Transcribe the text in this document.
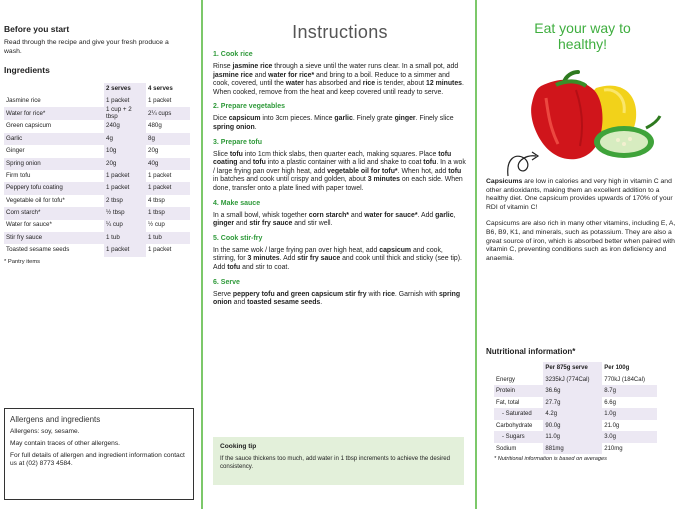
Before you start
Read through the recipe and give your fresh produce a wash.
Ingredients
	2 serves	4 serves
Jasmine rice	1 packet	1 packet
Water for rice*	1 cup + 2 tbsp	2¼ cups
Green capsicum	240g	480g
Garlic	4g	8g
Ginger	10g	20g
Spring onion	20g	40g
Firm tofu	1 packet	1 packet
Peppery tofu coating	1 packet	1 packet
Vegetable oil for tofu*	2 tbsp	4 tbsp
Corn starch*	½ tbsp	1 tbsp
Water for sauce*	¼ cup	½ cup
Stir fry sauce	1 tub	1 tub
Toasted sesame seeds	1 packet	1 packet
* Pantry items
Allergens and ingredients

Allergens: soy, sesame.

May contain traces of other allergens.

For full details of allergen and ingredient information contact us at (02) 8773 4584.

Instructions
1. Cook rice
Rinse jasmine rice through a sieve until the water runs clear. In a small pot, add jasmine rice and water for rice* and bring to a boil. Reduce to a simmer and cook, covered, until the water has absorbed and rice is tender, about 12 minutes. When cooked, remove from the heat and keep covered until ready to serve.
2. Prepare vegetables
Dice capsicum into 3cm pieces. Mince garlic. Finely grate ginger. Finely slice spring onion.
3. Prepare tofu
Slice tofu into 1cm thick slabs, then quarter each, making squares. Place tofu coating and tofu into a plastic container with a lid and shake to coat tofu. In a wok / large frying pan over high heat, add vegetable oil for tofu*. When hot, add tofu in batches and cook until crispy and golden, about 3 minutes on each side. When done, transfer onto a plate lined with paper towel.
4. Make sauce
In a small bowl, whisk together corn starch* and water for sauce*. Add garlic, ginger and stir fry sauce and stir well.
5. Cook stir-fry
In the same wok / large frying pan over high heat, add capsicum and cook, stirring, for 3 minutes. Add stir fry sauce and cook until thick and sticky (see tip). Add tofu and stir to coat.
6. Serve
Serve peppery tofu and green capsicum stir fry with rice. Garnish with spring onion and toasted sesame seeds.
Cooking tip
If the sauce thickens too much, add water in 1 tbsp increments to achieve the desired consistency.
Eat your way to healthy!
Capsicums are low in calories and very high in vitamin C and other antioxidants, making them an excellent addition to a healthy diet. One capsicum provides upwards of 170% of your RDI of vitamin C!
Capsicums are also rich in many other vitamins, including E, A, B6, B9, K1, and minerals, such as potassium. They are also a great source of iron, which is absorbed better when paired with vitamin C, preventing conditions such as iron deficiency and anaemia.
Nutritional information*
	Per 875g serve	Per 100g
Energy	3235kJ (774Cal)	770kJ (184Cal)
Protein	36.6g	8.7g
Fat, total	27.7g	6.6g
- Saturated	4.2g	1.0g
Carbohydrate	90.0g	21.0g
- Sugars	11.0g	3.0g
Sodium	881mg	210mg
* Nutritional information is based on averages
